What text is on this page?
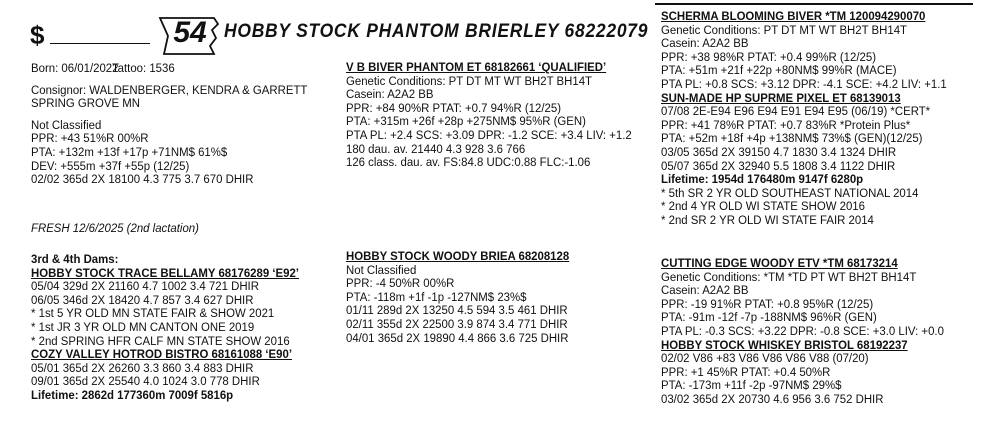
$	54 HOBBY STOCK PHANTOM BRIERLEY 68222079
Born: 06/01/2022
Tattoo: 1536
Consignor: WALDENBERGER, KENDRA & GARRETT
SPRING GROVE MN
Not Classified
PPR: +43 51%R 00%R
PTA: +132m +13f +17p +71NM$ 61%$
DEV: +555m +37f +55p (12/25)
02/02 365d 2X 18100 4.3 775 3.7 670 DHIR
FRESH 12/6/2025 (2nd lactation)
3rd & 4th Dams:
HOBBY STOCK TRACE BELLAMY 68176289 ‘E92’
05/04 329d 2X 21160 4.7 1002 3.4 721 DHIR
06/05 346d 2X 18420 4.7 857 3.4 627 DHIR
* 1st 5 YR OLD MN STATE FAIR & SHOW 2021
* 1st JR 3 YR OLD MN CANTON ONE 2019
* 2nd SPRING HFR CALF MN STATE SHOW 2016
COZY VALLEY HOTROD BISTRO 68161088 ‘E90’
05/01 365d 2X 26260 3.3 860 3.4 883 DHIR
09/01 365d 2X 25540 4.0 1024 3.0 778 DHIR
Lifetime: 2862d 177360m 7009f 5816p
V B BIVER PHANTOM ET 68182661 ‘QUALIFIED’
Genetic Conditions: PT DT MT WT BH2T BH14T
Casein: A2A2 BB
PPR: +84 90%R PTAT: +0.7 94%R (12/25)
PTA: +315m +26f +28p +275NM$ 95%R (GEN)
PTA PL: +2.4 SCS: +3.09 DPR: -1.2 SCE: +3.4 LIV: +1.2
180 dau. av. 21440 4.3 928 3.6 766
126 class. dau. av. FS:84.8 UDC:0.88 FLC:-1.06
HOBBY STOCK WOODY BRIEA 68208128
Not Classified
PPR: -4 50%R 00%R
PTA: -118m +1f -1p -127NM$ 23%$
01/11 289d 2X 13250 4.5 594 3.5 461 DHIR
02/11 355d 2X 22500 3.9 874 3.4 771 DHIR
04/01 365d 2X 19890 4.4 866 3.6 725 DHIR
SCHERMA BLOOMING BIVER *TM 120094290070
Genetic Conditions: PT DT MT WT BH2T BH14T
Casein: A2A2 BB
PPR: +38 98%R PTAT: +0.4 99%R (12/25)
PTA: +51m +21f +22p +80NM$ 99%R (MACE)
PTA PL: +0.8 SCS: +3.12 DPR: -4.1 SCE: +4.2 LIV: +1.1
SUN-MADE HP SUPRME PIXEL ET 68139013
07/08 2E-E94 E96 E94 E91 E94 E95 (06/19) *CERT*
PPR: +41 78%R PTAT: +0.7 83%R *Protein Plus*
PTA: +52m +18f +4p +138NM$ 73%$ (GEN)(12/25)
03/05 365d 2X 39150 4.7 1830 3.4 1324 DHIR
05/07 365d 2X 32940 5.5 1808 3.4 1122 DHIR
Lifetime: 1954d 176480m 9147f 6280p
* 5th SR 2 YR OLD SOUTHEAST NATIONAL 2014
* 2nd 4 YR OLD WI STATE SHOW 2016
* 2nd SR 2 YR OLD WI STATE FAIR 2014
CUTTING EDGE WOODY ETV *TM 68173214
Genetic Conditions: *TM *TD PT WT BH2T BH14T
Casein: A2A2 BB
PPR: -19 91%R PTAT: +0.8 95%R (12/25)
PTA: -91m -12f -7p -188NM$ 96%R (GEN)
PTA PL: -0.3 SCS: +3.22 DPR: -0.8 SCE: +3.0 LIV: +0.0
HOBBY STOCK WHISKEY BRISTOL 68192237
02/02 V86 +83 V86 V86 V86 V88 (07/20)
PPR: +1 45%R PTAT: +0.4 50%R
PTA: -173m +11f -2p -97NM$ 29%$
03/02 365d 2X 20730 4.6 956 3.6 752 DHIR
